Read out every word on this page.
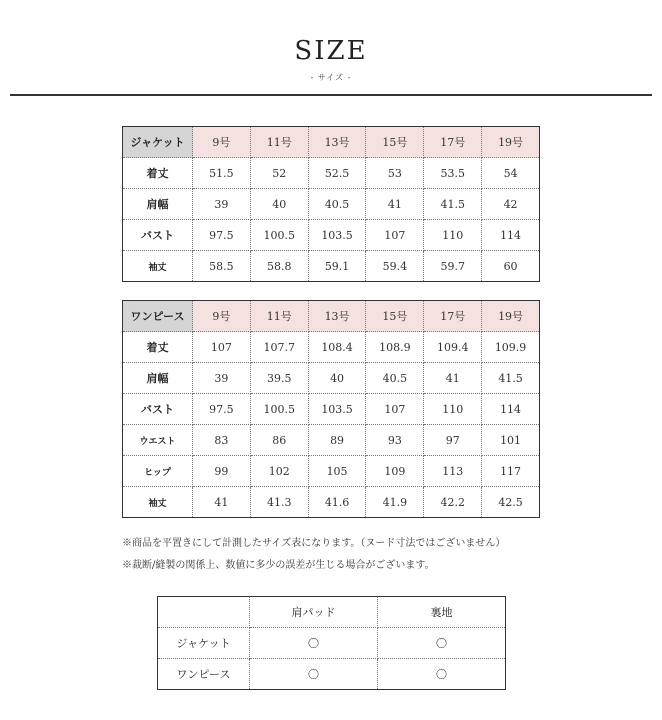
SIZE
- サイズ -
ジャケット	9号	11号	13号	15号	17号	19号
着丈	51.5	52	52.5	53	53.5	54
肩幅	39	40	40.5	41	41.5	42
バスト	97.5	100.5	103.5	107	110	114
袖丈	58.5	58.8	59.1	59.4	59.7	60
ワンピース	9号	11号	13号	15号	17号	19号
着丈	107	107.7	108.4	108.9	109.4	109.9
肩幅	39	39.5	40	40.5	41	41.5
バスト	97.5	100.5	103.5	107	110	114
ウエスト	83	86	89	93	97	101
ヒップ	99	102	105	109	113	117
袖丈	41	41.3	41.6	41.9	42.2	42.5
※商品を平置きにして計測したサイズ表になります。（ヌード寸法ではございません）
※裁断/縫製の関係上、数値に多少の誤差が生じる場合がございます。
	肩パッド	裏地
ジャケット	〇	〇
ワンピース	〇	〇
